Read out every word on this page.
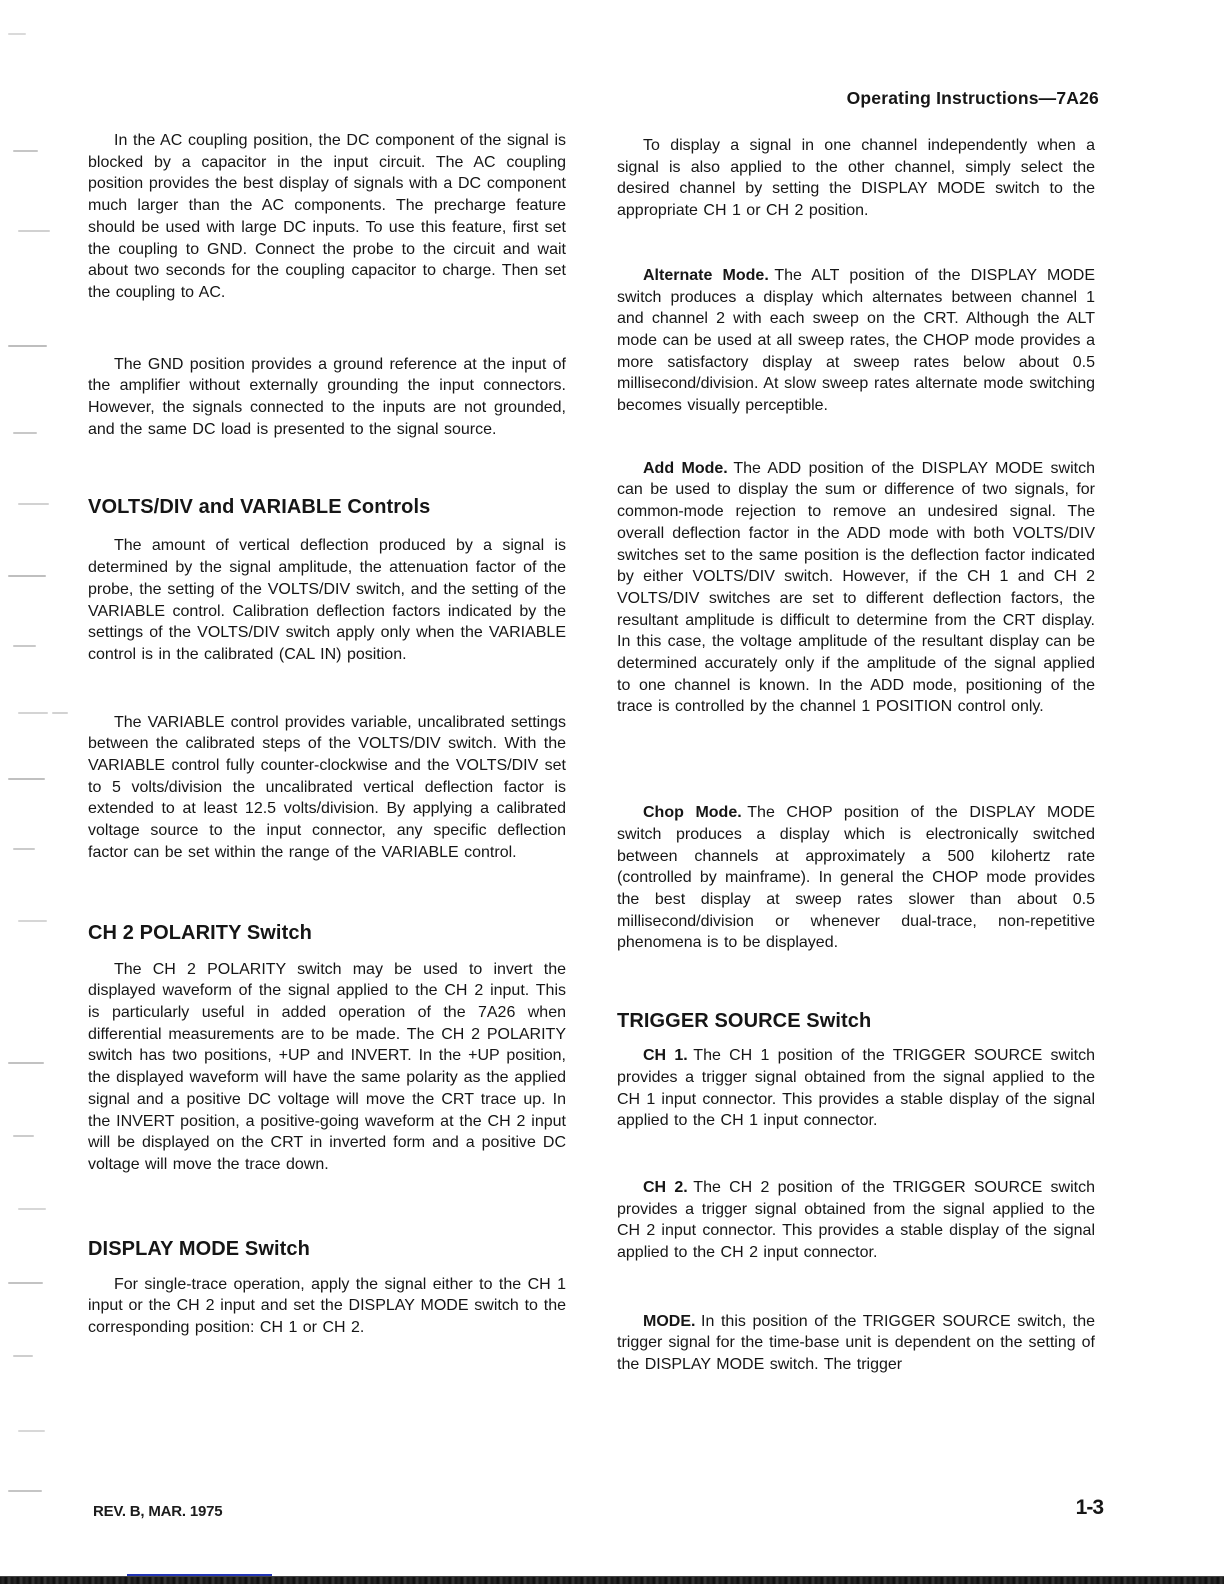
Operating Instructions—7A26

In the AC coupling position, the DC component of the signal is blocked by a capacitor in the input circuit. The AC coupling position provides the best display of signals with a DC component much larger than the AC components. The precharge feature should be used with large DC inputs. To use this feature, first set the coupling to GND. Connect the probe to the circuit and wait about two seconds for the coupling capacitor to charge. Then set the coupling to AC.

The GND position provides a ground reference at the input of the amplifier without externally grounding the input connectors. However, the signals connected to the inputs are not grounded, and the same DC load is presented to the signal source.

VOLTS/DIV and VARIABLE Controls

The amount of vertical deflection produced by a signal is determined by the signal amplitude, the attenuation factor of the probe, the setting of the VOLTS/DIV switch, and the setting of the VARIABLE control. Calibration deflection factors indicated by the settings of the VOLTS/DIV switch apply only when the VARIABLE control is in the calibrated (CAL IN) position.

The VARIABLE control provides variable, uncalibrated settings between the calibrated steps of the VOLTS/DIV switch. With the VARIABLE control fully counter-clockwise and the VOLTS/DIV set to 5 volts/division the uncalibrated vertical deflection factor is extended to at least 12.5 volts/division. By applying a calibrated voltage source to the input connector, any specific deflection factor can be set within the range of the VARIABLE control.

CH 2 POLARITY Switch

The CH 2 POLARITY switch may be used to invert the displayed waveform of the signal applied to the CH 2 input. This is particularly useful in added operation of the 7A26 when differential measurements are to be made. The CH 2 POLARITY switch has two positions, +UP and INVERT. In the +UP position, the displayed waveform will have the same polarity as the applied signal and a positive DC voltage will move the CRT trace up. In the INVERT position, a positive-going waveform at the CH 2 input will be displayed on the CRT in inverted form and a positive DC voltage will move the trace down.

DISPLAY MODE Switch

For single-trace operation, apply the signal either to the CH 1 input or the CH 2 input and set the DISPLAY MODE switch to the corresponding position: CH 1 or CH 2.

To display a signal in one channel independently when a signal is also applied to the other channel, simply select the desired channel by setting the DISPLAY MODE switch to the appropriate CH 1 or CH 2 position.

Alternate Mode. The ALT position of the DISPLAY MODE switch produces a display which alternates between channel 1 and channel 2 with each sweep on the CRT. Although the ALT mode can be used at all sweep rates, the CHOP mode provides a more satisfactory display at sweep rates below about 0.5 millisecond/division. At slow sweep rates alternate mode switching becomes visually perceptible.

Add Mode. The ADD position of the DISPLAY MODE switch can be used to display the sum or difference of two signals, for common-mode rejection to remove an undesired signal. The overall deflection factor in the ADD mode with both VOLTS/DIV switches set to the same position is the deflection factor indicated by either VOLTS/DIV switch. However, if the CH 1 and CH 2 VOLTS/DIV switches are set to different deflection factors, the resultant amplitude is difficult to determine from the CRT display. In this case, the voltage amplitude of the resultant display can be determined accurately only if the amplitude of the signal applied to one channel is known. In the ADD mode, positioning of the trace is controlled by the channel 1 POSITION control only.

Chop Mode. The CHOP position of the DISPLAY MODE switch produces a display which is electronically switched between channels at approximately a 500 kilohertz rate (controlled by mainframe). In general the CHOP mode provides the best display at sweep rates slower than about 0.5 millisecond/division or whenever dual-trace, non-repetitive phenomena is to be displayed.

TRIGGER SOURCE Switch

CH 1. The CH 1 position of the TRIGGER SOURCE switch provides a trigger signal obtained from the signal applied to the CH 1 input connector. This provides a stable display of the signal applied to the CH 1 input connector.

CH 2. The CH 2 position of the TRIGGER SOURCE switch provides a trigger signal obtained from the signal applied to the CH 2 input connector. This provides a stable display of the signal applied to the CH 2 input connector.

MODE. In this position of the TRIGGER SOURCE switch, the trigger signal for the time-base unit is dependent on the setting of the DISPLAY MODE switch. The trigger

REV. B, MAR. 1975	1-3
